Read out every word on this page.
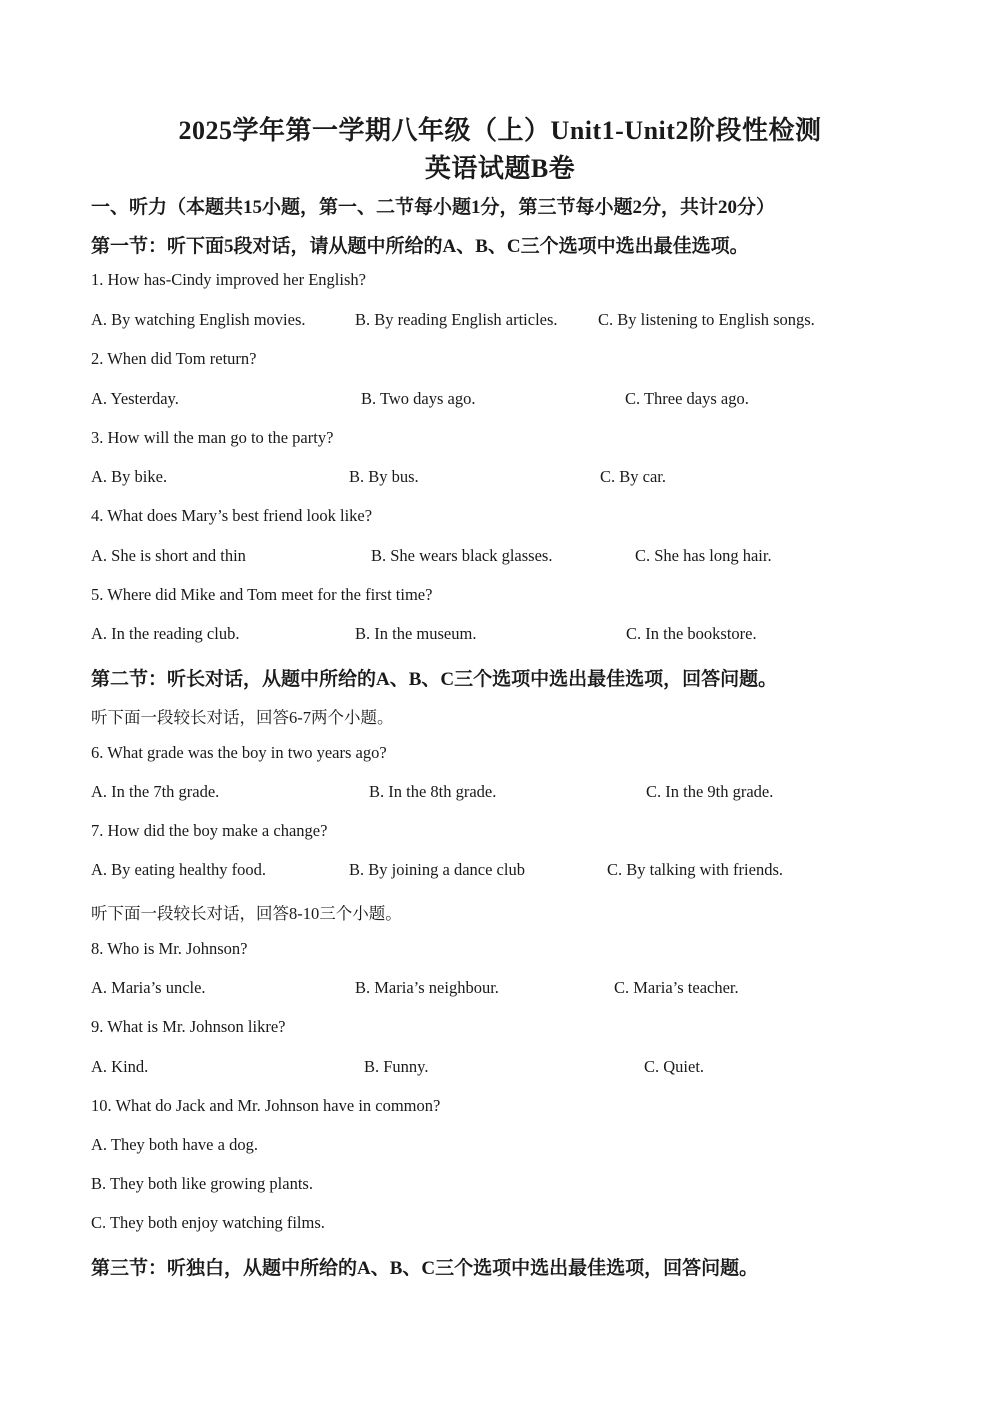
2025学年第一学期八年级（上）Unit1-Unit2阶段性检测
英语试题B卷
一、听力（本题共15小题，第一、二节每小题1分，第三节每小题2分，共计20分）
第一节：听下面5段对话，请从题中所给的A、B、C三个选项中选出最佳选项。
1. How has-Cindy improved her English?
A. By watching English movies.	B. By reading English articles. C. By listening to English songs.
2. When did Tom return?
A. Yesterday.	B. Two days ago.	C. Three days ago.
3. How will the man go to the party?
A. By bike.	B. By bus.	C. By car.
4. What does Mary’s best friend look like?
A. She is short and thin	B. She wears black glasses.	C. She has long hair.
5. Where did Mike and Tom meet for the first time?
A. In the reading club.	B. In the museum.	C. In the bookstore.
第二节：听长对话，从题中所给的A、B、C三个选项中选出最佳选项，回答问题。
听下面一段较长对话，回答6-7两个小题。
6. What grade was the boy in two years ago?
A. In the 7th grade.	B. In the 8th grade.	C. In the 9th grade.
7. How did the boy make a change?
A. By eating healthy food.	B. By joining a dance club	C. By talking with friends.
听下面一段较长对话，回答8-10三个小题。
8. Who is Mr. Johnson?
A. Maria’s uncle.	B. Maria’s neighbour.	C. Maria’s teacher.
9. What is Mr. Johnson likre?
A. Kind.	B. Funny.	C. Quiet.
10. What do Jack and Mr. Johnson have in common?
A. They both have a dog.
B. They both like growing plants.
C. They both enjoy watching films.
第三节：听独白，从题中所给的A、B、C三个选项中选出最佳选项，回答问题。
